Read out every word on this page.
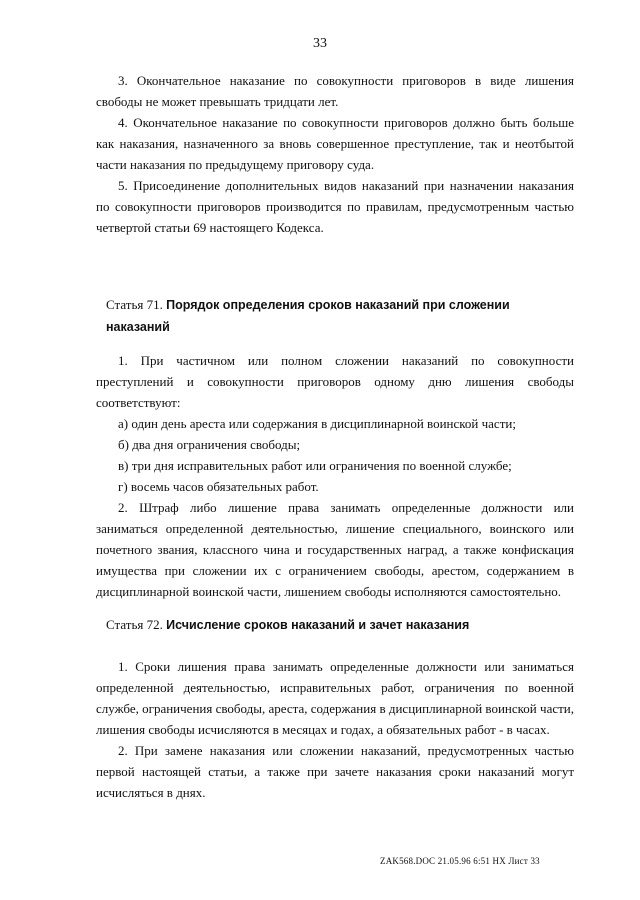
33

3. Окончательное наказание по совокупности приговоров в виде лишения свободы не может превышать тридцати лет.

4. Окончательное наказание по совокупности приговоров должно быть больше как наказания, назначенного за вновь совершенное преступление, так и неотбытой части наказания по предыдущему приговору суда.

5. Присоединение дополнительных видов наказаний при назначении наказания по совокупности приговоров производится по правилам, предусмотренным частью четвертой статьи 69 настоящего Кодекса.

Статья 71. Порядок определения сроков наказаний при сложении наказаний

1. При частичном или полном сложении наказаний по совокупности преступлений и совокупности приговоров одному дню лишения свободы соответствуют:

а) один день ареста или содержания в дисциплинарной воинской части;

б) два дня ограничения свободы;

в) три дня исправительных работ или ограничения по военной службе;

г) восемь часов обязательных работ.

2. Штраф либо лишение права занимать определенные должности или заниматься определенной деятельностью, лишение специального, воинского или почетного звания, классного чина и государственных наград, а также конфискация имущества при сложении их с ограничением свободы, арестом, содержанием в дисциплинарной воинской части, лишением свободы исполняются самостоятельно.

Статья 72. Исчисление сроков наказаний и зачет наказания

1. Сроки лишения права занимать определенные должности или заниматься определенной деятельностью, исправительных работ, ограничения по военной службе, ограничения свободы, ареста, содержания в дисциплинарной воинской части, лишения свободы исчисляются в месяцах и годах, а обязательных работ - в часах.

2. При замене наказания или сложении наказаний, предусмотренных частью первой настоящей статьи, а также при зачете наказания сроки наказаний могут исчисляться в днях.

ZAK568.DOC 21.05.96 6:51 НХ Лист 33
